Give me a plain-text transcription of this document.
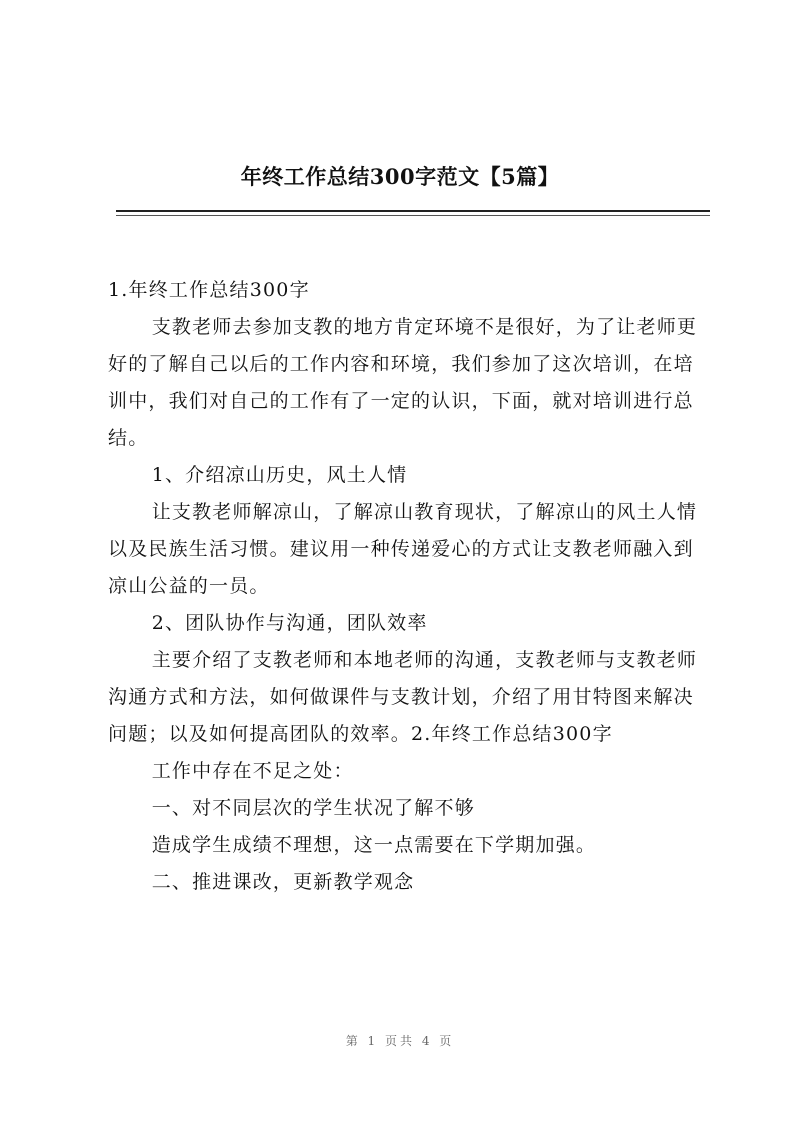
年终工作总结300字范文【5篇】

1.年终工作总结300字

支教老师去参加支教的地方肯定环境不是很好，为了让老师更好的了解自己以后的工作内容和环境，我们参加了这次培训，在培训中，我们对自己的工作有了一定的认识，下面，就对培训进行总结。

1、介绍凉山历史，风土人情

让支教老师解凉山，了解凉山教育现状，了解凉山的风土人情以及民族生活习惯。建议用一种传递爱心的方式让支教老师融入到凉山公益的一员。

2、团队协作与沟通，团队效率

主要介绍了支教老师和本地老师的沟通，支教老师与支教老师沟通方式和方法，如何做课件与支教计划，介绍了用甘特图来解决问题；以及如何提高团队的效率。2.年终工作总结300字

工作中存在不足之处：

一、对不同层次的学生状况了解不够

造成学生成绩不理想，这一点需要在下学期加强。

二、推进课改，更新教学观念

第 1 页共 4 页
